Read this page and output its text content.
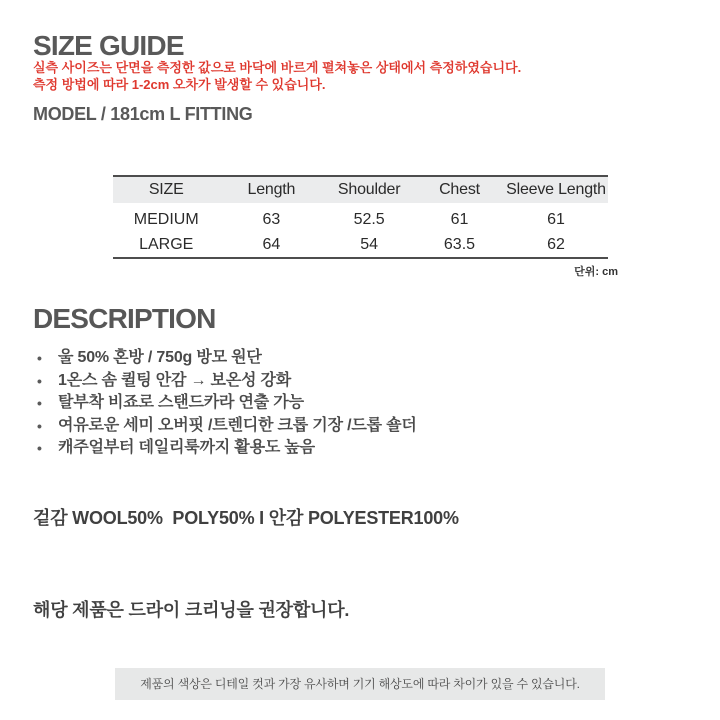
SIZE GUIDE
실측 사이즈는 단면을 측정한 값으로 바닥에 바르게 펼쳐놓은 상태에서 측정하였습니다.
측정 방법에 따라 1-2cm 오차가 발생할 수 있습니다.
MODEL / 181cm L FITTING
SIZE	Length	Shoulder	Chest	Sleeve Length
MEDIUM	63	52.5	61	61
LARGE	64	54	63.5	62
단위: cm
DESCRIPTION
• 울 50% 혼방 / 750g 방모 원단
• 1온스 솜 퀼팅 안감 → 보온성 강화
• 탈부착 비죠로 스탠드카라 연출 가능
• 여유로운 세미 오버핏 /트렌디한 크롭 기장 /드롭 숄더
• 캐주얼부터 데일리룩까지 활용도 높음
겉감 WOOL50%  POLY50% I 안감 POLYESTER100%
해당 제품은 드라이 크리닝을 권장합니다.
제품의 색상은 디테일 컷과 가장 유사하며 기기 해상도에 따라 차이가 있을 수 있습니다.
